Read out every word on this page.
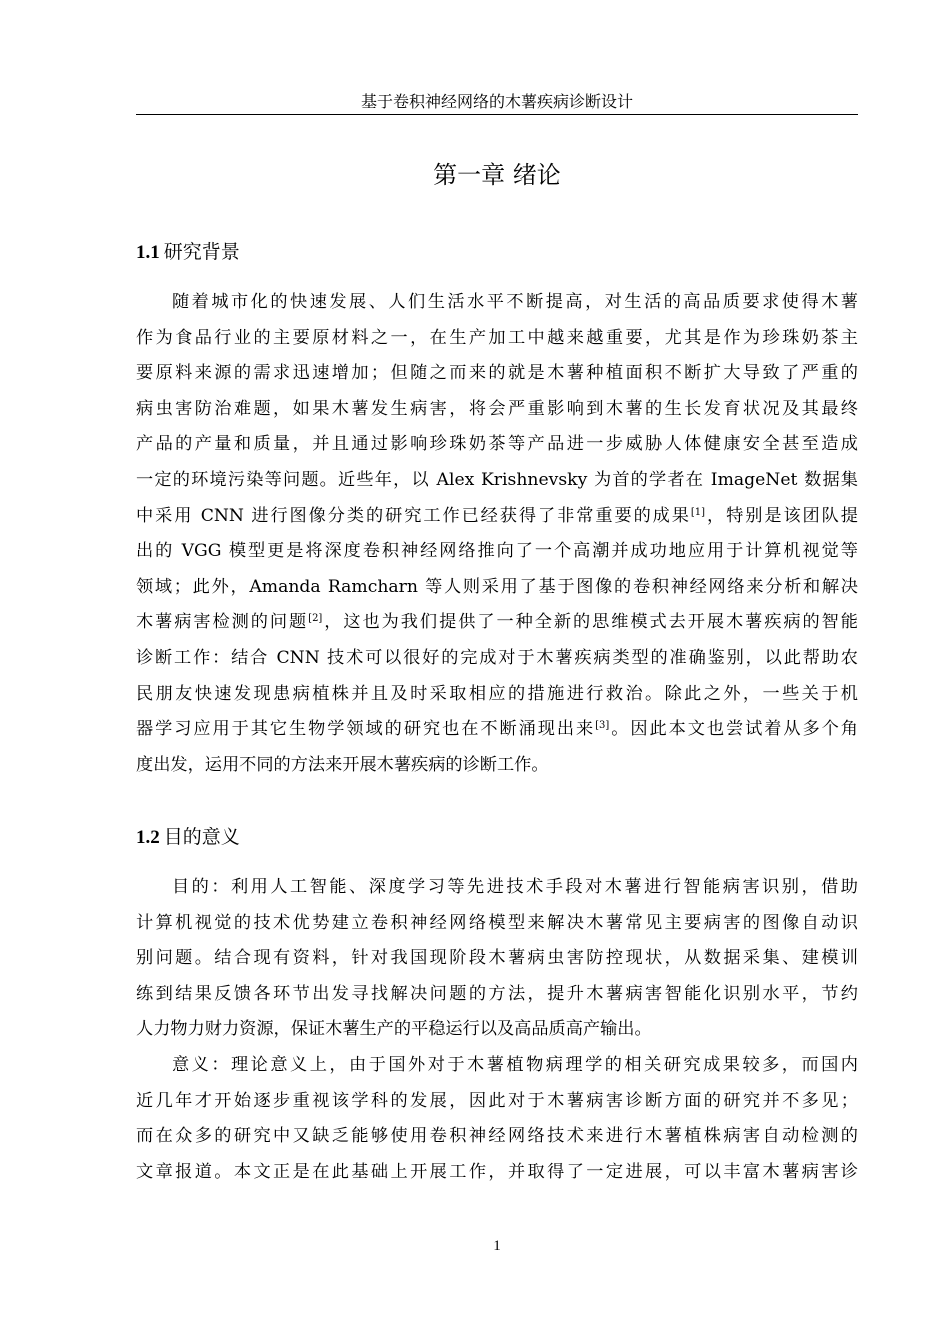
基于卷积神经网络的木薯疾病诊断设计
第一章 绪论
1.1 研究背景
随着城市化的快速发展、人们生活水平不断提高，对生活的高品质要求使得木薯
作为食品行业的主要原材料之一，在生产加工中越来越重要，尤其是作为珍珠奶茶主
要原料来源的需求迅速增加；但随之而来的就是木薯种植面积不断扩大导致了严重的
病虫害防治难题，如果木薯发生病害，将会严重影响到木薯的生长发育状况及其最终
产品的产量和质量，并且通过影响珍珠奶茶等产品进一步威胁人体健康安全甚至造成
一定的环境污染等问题。近些年，以 Alex Krishnevsky 为首的学者在 ImageNet 数据集
中采用 CNN 进行图像分类的研究工作已经获得了非常重要的成果[1]，特别是该团队提
出的 VGG 模型更是将深度卷积神经网络推向了一个高潮并成功地应用于计算机视觉等
领域；此外，Amanda Ramcharn 等人则采用了基于图像的卷积神经网络来分析和解决
木薯病害检测的问题[2]，这也为我们提供了一种全新的思维模式去开展木薯疾病的智能
诊断工作：结合 CNN 技术可以很好的完成对于木薯疾病类型的准确鉴别，以此帮助农
民朋友快速发现患病植株并且及时采取相应的措施进行救治。除此之外，一些关于机
器学习应用于其它生物学领域的研究也在不断涌现出来[3]。因此本文也尝试着从多个角
度出发，运用不同的方法来开展木薯疾病的诊断工作。
1.2 目的意义
目的：利用人工智能、深度学习等先进技术手段对木薯进行智能病害识别，借助
计算机视觉的技术优势建立卷积神经网络模型来解决木薯常见主要病害的图像自动识
别问题。结合现有资料，针对我国现阶段木薯病虫害防控现状，从数据采集、建模训
练到结果反馈各环节出发寻找解决问题的方法，提升木薯病害智能化识别水平，节约
人力物力财力资源，保证木薯生产的平稳运行以及高品质高产输出。
意义：理论意义上，由于国外对于木薯植物病理学的相关研究成果较多，而国内
近几年才开始逐步重视该学科的发展，因此对于木薯病害诊断方面的研究并不多见；
而在众多的研究中又缺乏能够使用卷积神经网络技术来进行木薯植株病害自动检测的
文章报道。本文正是在此基础上开展工作，并取得了一定进展，可以丰富木薯病害诊
1
